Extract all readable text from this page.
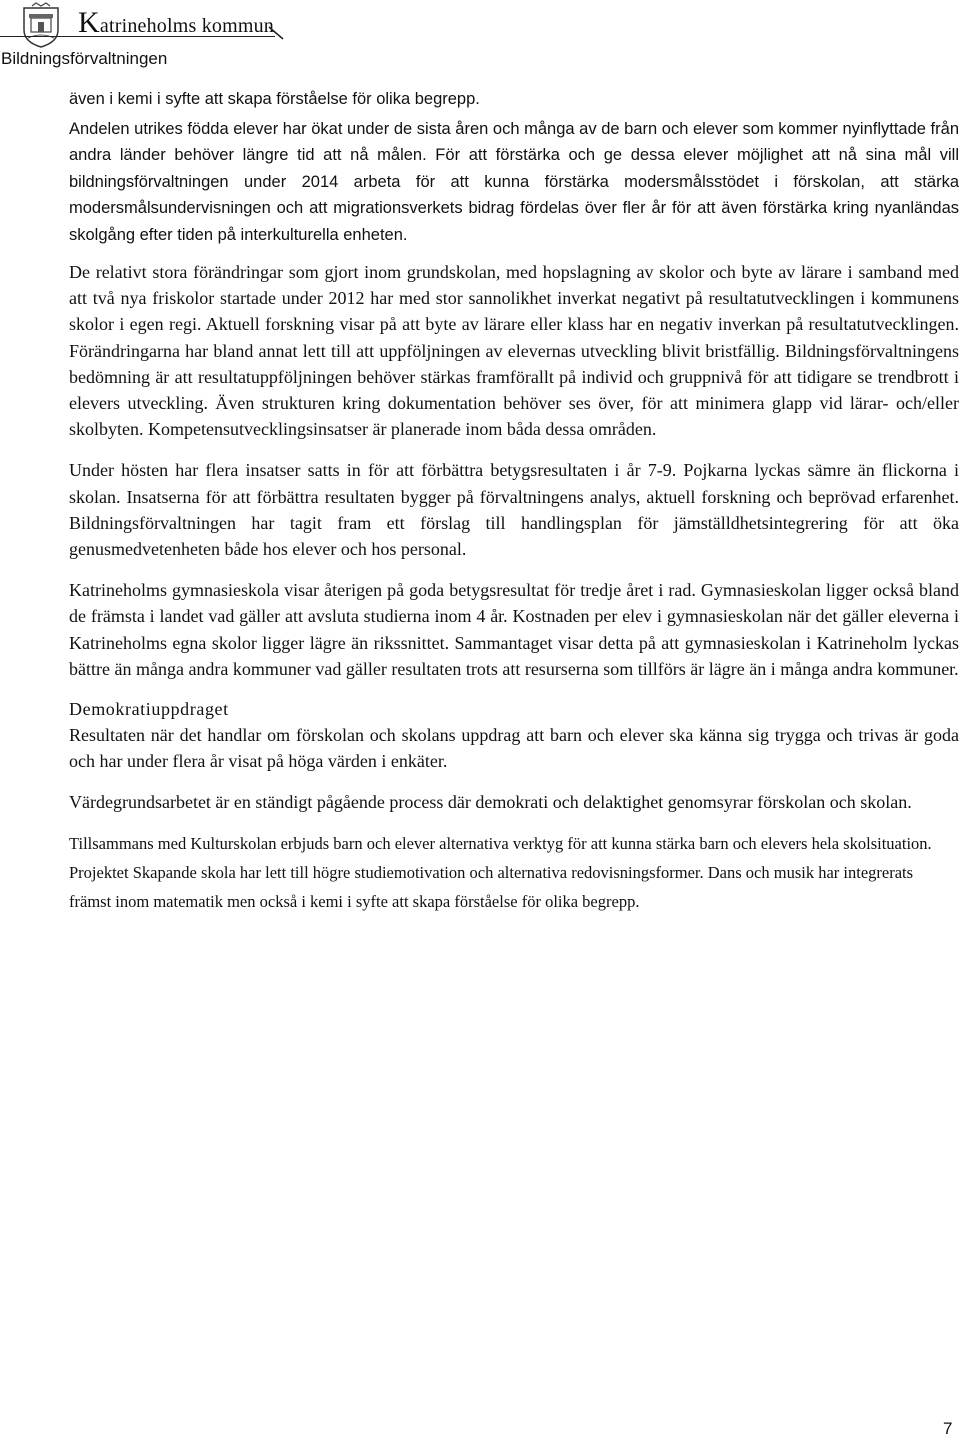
Katrineholms kommun
Bildningsförvaltningen

även i kemi i syfte att skapa förståelse för olika begrepp.

Andelen utrikes födda elever har ökat under de sista åren och många av de barn och elever som kommer nyinflyttade från andra länder behöver längre tid att nå målen. För att förstärka och ge dessa elever möjlighet att nå sina mål vill bildningsförvaltningen under 2014 arbeta för att kunna förstärka modersmålsstödet i förskolan, att stärka modersmålsundervisningen och att migrationsverkets bidrag fördelas över fler år för att även förstärka kring nyanländas skolgång efter tiden på interkulturella enheten.

De relativt stora förändringar som gjort inom grundskolan, med hopslagning av skolor och byte av lärare i samband med att två nya friskolor startade under 2012 har med stor sannolikhet inverkat negativt på resultatutvecklingen i kommunens skolor i egen regi. Aktuell forskning visar på att byte av lärare eller klass har en negativ inverkan på resultatutvecklingen. Förändringarna har bland annat lett till att uppföljningen av elevernas utveckling blivit bristfällig. Bildningsförvaltningens bedömning är att resultatuppföljningen behöver stärkas framförallt på individ och gruppnivå för att tidigare se trendbrott i elevers utveckling. Även strukturen kring dokumentation behöver ses över, för att minimera glapp vid lärar- och/eller skolbyten. Kompetensutvecklingsinsatser är planerade inom båda dessa områden.

Under hösten har flera insatser satts in för att förbättra betygsresultaten i år 7-9. Pojkarna lyckas sämre än flickorna i skolan. Insatserna för att förbättra resultaten bygger på förvaltningens analys, aktuell forskning och beprövad erfarenhet. Bildningsförvaltningen har tagit fram ett förslag till handlingsplan för jämställdhetsintegrering för att öka genusmedvetenheten både hos elever och hos personal.

Katrineholms gymnasieskola visar återigen på goda betygsresultat för tredje året i rad. Gymnasieskolan ligger också bland de främsta i landet vad gäller att avsluta studierna inom 4 år. Kostnaden per elev i gymnasieskolan när det gäller eleverna i Katrineholms egna skolor ligger lägre än rikssnittet. Sammantaget visar detta på att gymnasieskolan i Katrineholm lyckas bättre än många andra kommuner vad gäller resultaten trots att resurserna som tillförs är lägre än i många andra kommuner.

Demokratiuppdraget

Resultaten när det handlar om förskolan och skolans uppdrag att barn och elever ska känna sig trygga och trivas är goda och har under flera år visat på höga värden i enkäter.

Värdegrundsarbetet är en ständigt pågående process där demokrati och delaktighet genomsyrar förskolan och skolan.

Tillsammans med Kulturskolan erbjuds barn och elever alternativa verktyg för att kunna stärka barn och elevers hela skolsituation. Projektet Skapande skola har lett till högre studiemotivation och alternativa redovisningsformer. Dans och musik har integrerats främst inom matematik men också i kemi i syfte att skapa förståelse för olika begrepp.

7
